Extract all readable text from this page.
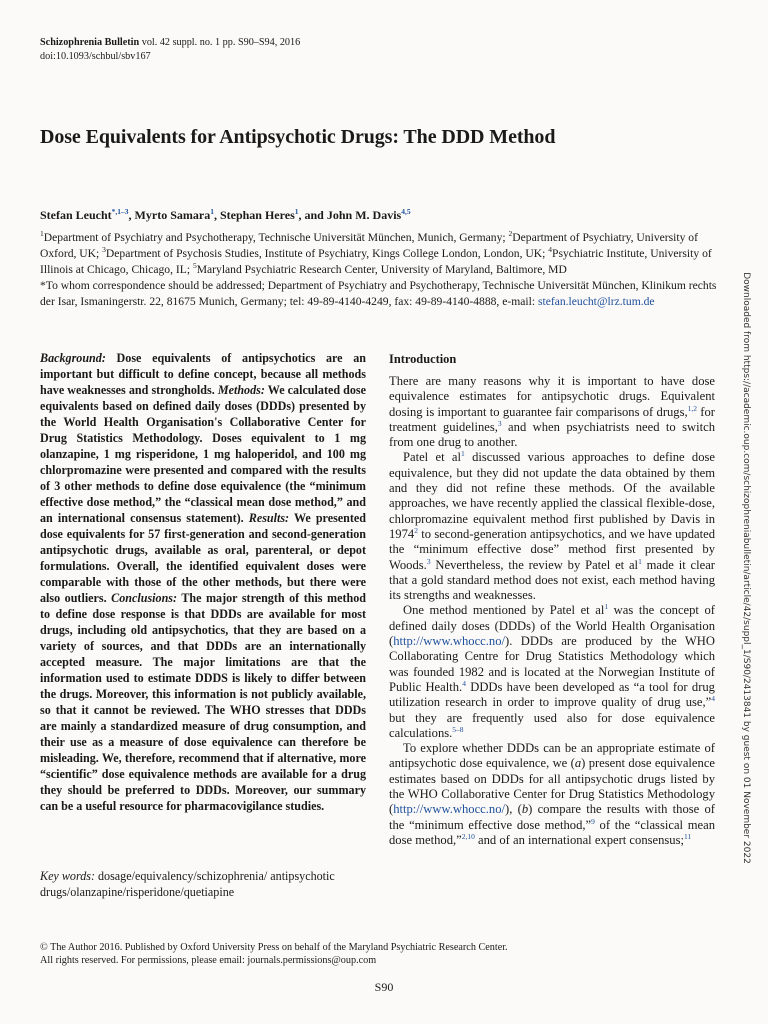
Schizophrenia Bulletin vol. 42 suppl. no. 1 pp. S90–S94, 2016
doi:10.1093/schbul/sbv167
Dose Equivalents for Antipsychotic Drugs: The DDD Method
Stefan Leucht$^{*,1-3}$, Myrto Samara$^1$, Stephan Heres$^1$, and John M. Davis$^{4,5}$
$^1$Department of Psychiatry and Psychotherapy, Technische Universität München, Munich, Germany; $^2$Department of Psychiatry, University of Oxford, UK; $^3$Department of Psychosis Studies, Institute of Psychiatry, Kings College London, London, UK; $^4$Psychiatric Institute, University of Illinois at Chicago, Chicago, IL; $^5$Maryland Psychiatric Research Center, University of Maryland, Baltimore, MD
*To whom correspondence should be addressed; Department of Psychiatry and Psychotherapy, Technische Universität München, Klinikum rechts der Isar, Ismaningerstr. 22, 81675 Munich, Germany; tel: 49-89-4140-4249, fax: 49-89-4140-4888, e-mail: stefan.leucht@lrz.tum.de
Background: Dose equivalents of antipsychotics are an important but difficult to define concept, because all methods have weaknesses and strongholds. Methods: We calculated dose equivalents based on defined daily doses (DDDs) presented by the World Health Organisation's Collaborative Center for Drug Statistics Methodology. Doses equivalent to 1 mg olanzapine, 1 mg risperidone, 1 mg haloperidol, and 100 mg chlorpromazine were presented and compared with the results of 3 other methods to define dose equivalence (the “minimum effective dose method,” the “classical mean dose method,” and an international consensus statement). Results: We presented dose equivalents for 57 first-generation and second-generation antipsychotic drugs, available as oral, parenteral, or depot formulations. Overall, the identified equivalent doses were comparable with those of the other methods, but there were also outliers. Conclusions: The major strength of this method to define dose response is that DDDs are available for most drugs, including old antipsychotics, that they are based on a variety of sources, and that DDDs are an internationally accepted measure. The major limitations are that the information used to estimate DDDS is likely to differ between the drugs. Moreover, this information is not publicly available, so that it cannot be reviewed. The WHO stresses that DDDs are mainly a standardized measure of drug consumption, and their use as a measure of dose equivalence can therefore be misleading. We, therefore, recommend that if alternative, more “scientific” dose equivalence methods are available for a drug they should be preferred to DDDs. Moreover, our summary can be a useful resource for pharmacovigilance studies.
Key words: dosage/equivalency/schizophrenia/ antipsychotic drugs/olanzapine/risperidone/quetiapine
Introduction

There are many reasons why it is important to have dose equivalence estimates for antipsychotic drugs. Equivalent dosing is important to guarantee fair comparisons of drugs,$^{1,2}$ for treatment guidelines,$^3$ and when psychiatrists need to switch from one drug to another.

Patel et $al^1$ discussed various approaches to define dose equivalence, but they did not update the data obtained by them and they did not refine these methods. Of the available approaches, we have recently applied the classical flexible-dose, chlorpromazine equivalent method first published by Davis in 1974$^2$ to second-generation antipsychotics, and we have updated the “minimum effective dose” method first presented by Woods.$^3$ Nevertheless, the review by Patel et $al^1$ made it clear that a gold standard method does not exist, each method having its strengths and weaknesses.

One method mentioned by Patel et $al^1$ was the concept of defined daily doses (DDDs) of the World Health Organisation (http://www.whocc.no/). DDDs are produced by the WHO Collaborating Centre for Drug Statistics Methodology which was founded 1982 and is located at the Norwegian Institute of Public Health.$^4$ DDDs have been developed as “a tool for drug utilization research in order to improve quality of drug use,”$^4$ but they are frequently used also for dose equivalence calculations.$^{5-8}$

To explore whether DDDs can be an appropriate estimate of antipsychotic dose equivalence, we (a) present dose equivalence estimates based on DDDs for all antipsychotic drugs listed by the WHO Collaborative Center for Drug Statistics Methodology (http://www.whocc.no/), (b) compare the results with those of the “minimum effective dose method,”$^9$ of the “classical mean dose method,”$^{2,10}$ and of an international expert consensus;$^{11}$

© The Author 2016. Published by Oxford University Press on behalf of the Maryland Psychiatric Research Center.
All rights reserved. For permissions, please email: journals.permissions@oup.com
S90
Downloaded from https://academic.oup.com/schizophreniabulletin/article/42/suppl_1/S90/2413841 by guest on 01 November 2022
